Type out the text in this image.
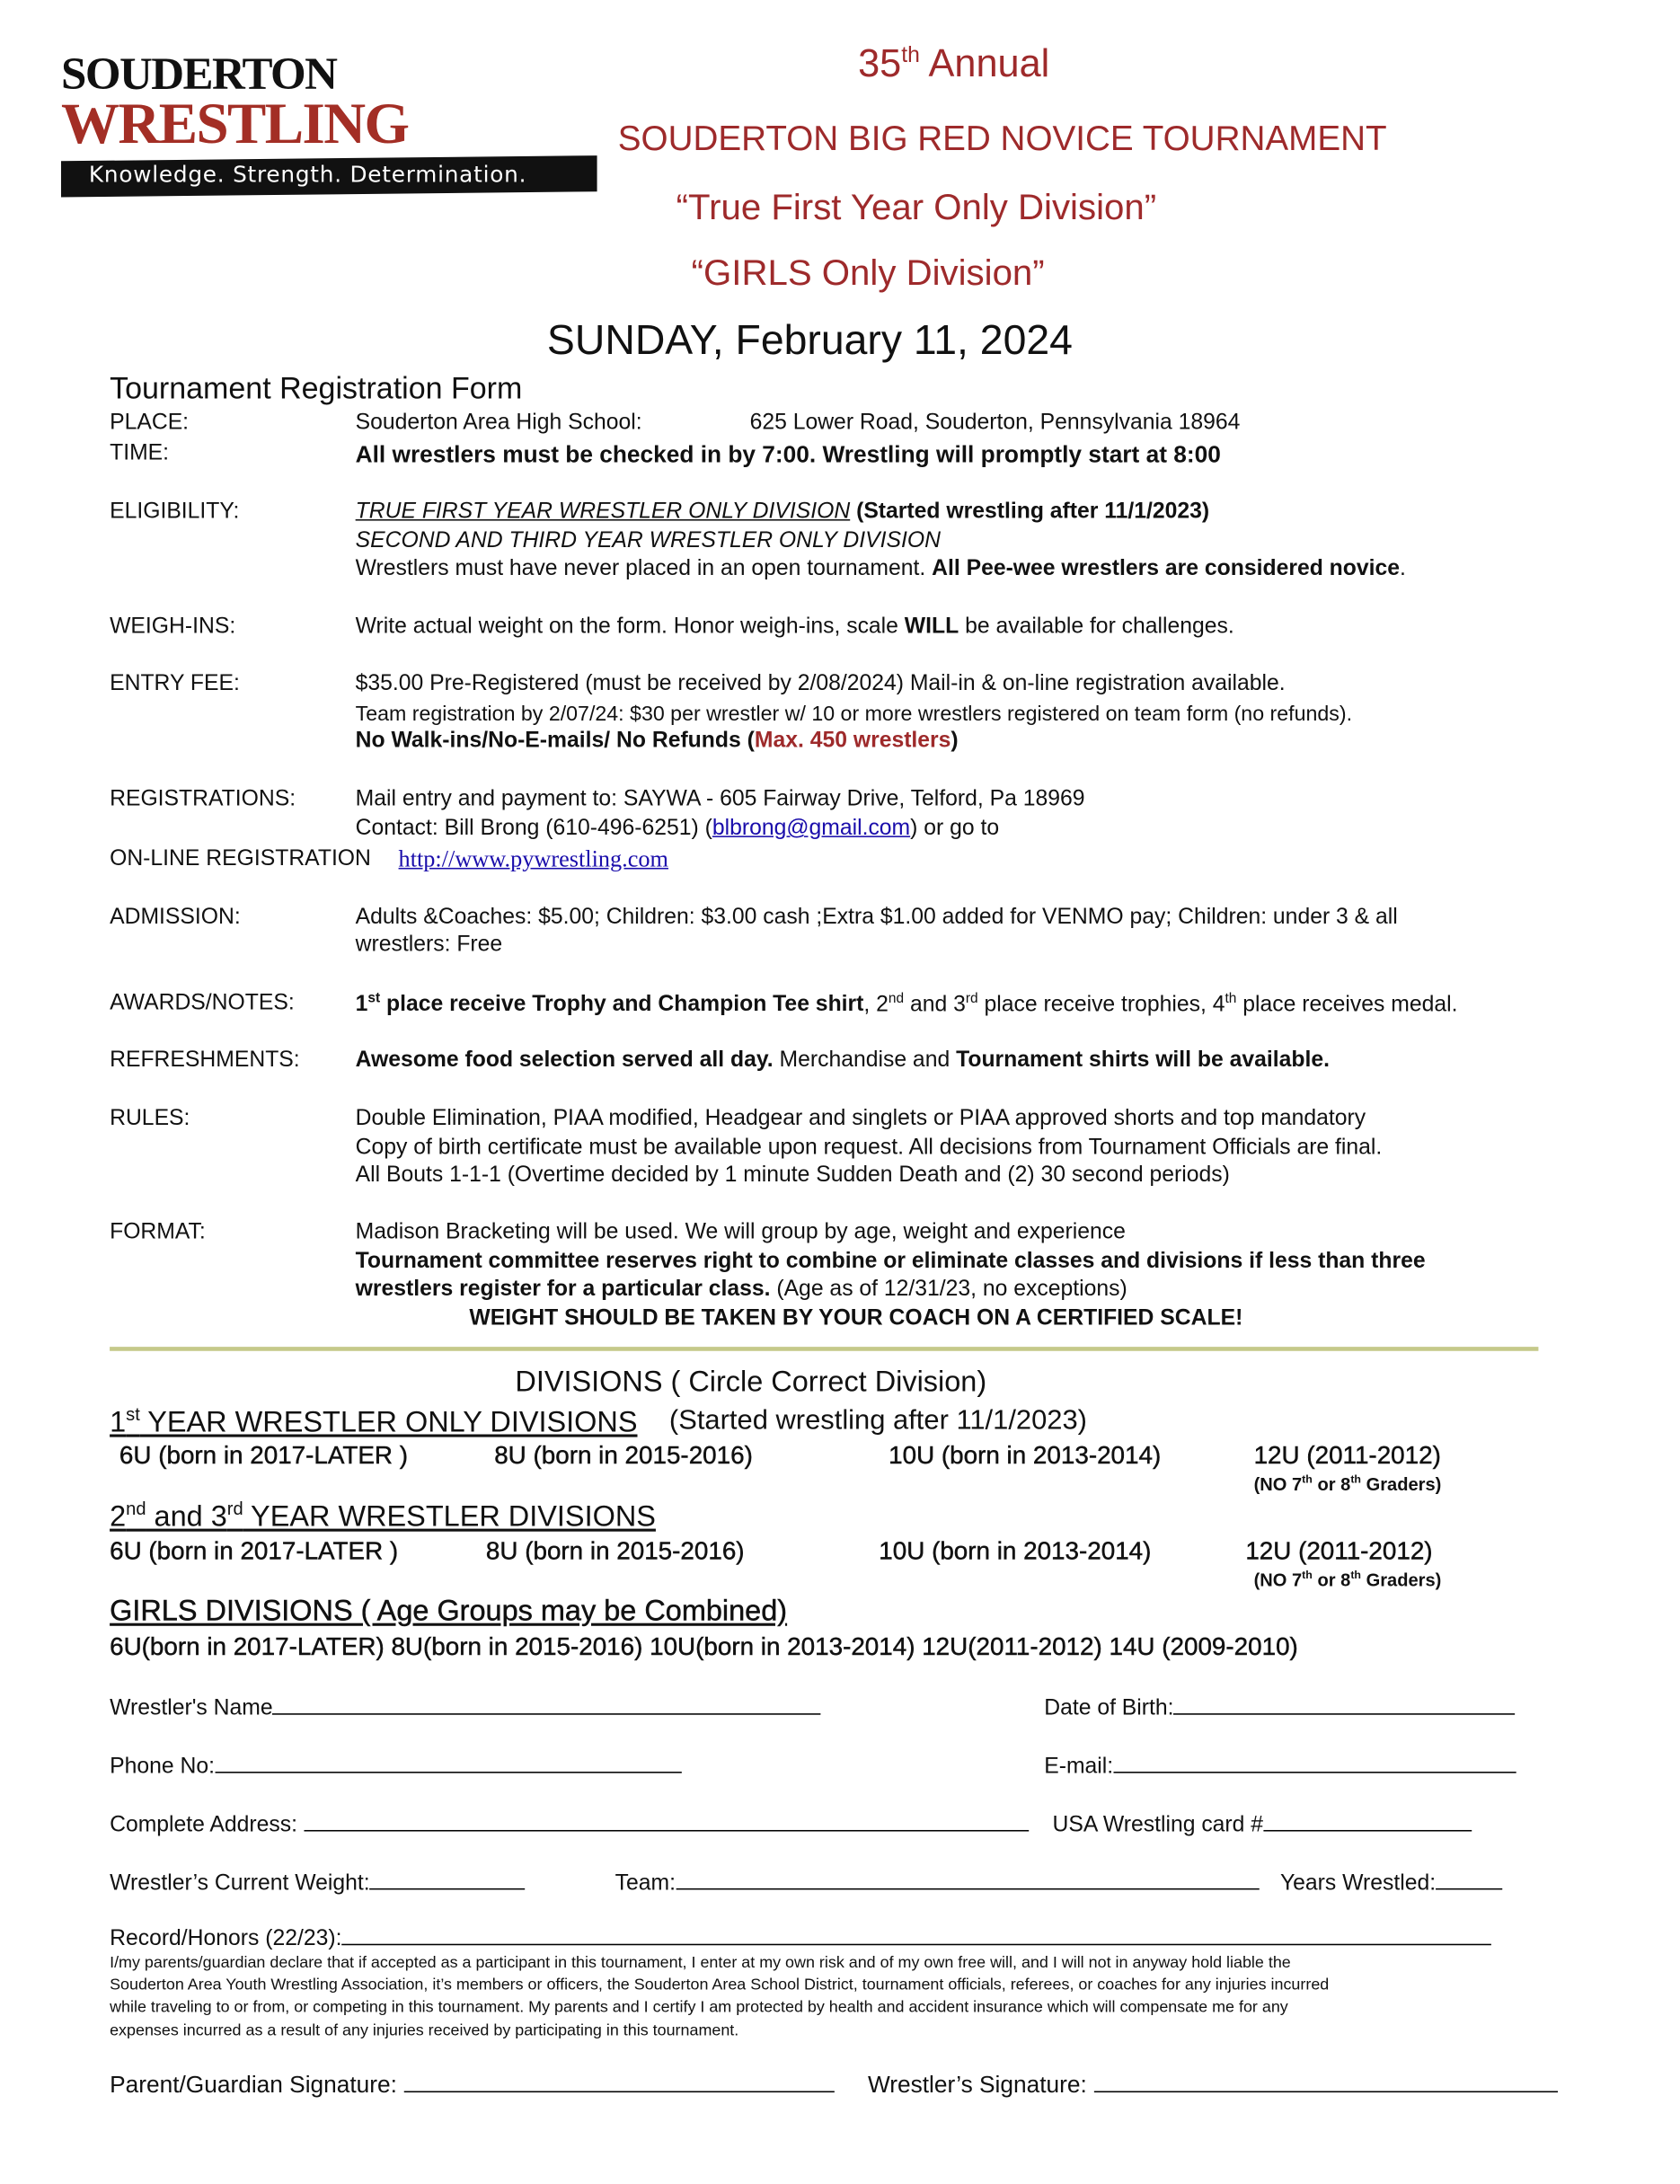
SOUDERTON
WRESTLING
Knowledge. Strength. Determination.
35th Annual
SOUDERTON BIG RED NOVICE TOURNAMENT
“True First Year Only Division”
“GIRLS Only Division”
SUNDAY, February 11, 2024
Tournament Registration Form
PLACE:	Souderton Area High School:	625 Lower Road, Souderton, Pennsylvania 18964
TIME:	All wrestlers must be checked in by 7:00. Wrestling will promptly start at 8:00
ELIGIBILITY:	TRUE FIRST YEAR WRESTLER ONLY DIVISION (Started wrestling after 11/1/2023)
SECOND AND THIRD YEAR WRESTLER ONLY DIVISION
Wrestlers must have never placed in an open tournament. All Pee-wee wrestlers are considered novice.
WEIGH-INS:	Write actual weight on the form. Honor weigh-ins, scale WILL be available for challenges.
ENTRY FEE:	$35.00 Pre-Registered (must be received by 2/08/2024) Mail-in & on-line registration available.
Team registration by 2/07/24: $30 per wrestler w/ 10 or more wrestlers registered on team form (no refunds).
No Walk-ins/No-E-mails/ No Refunds (Max. 450 wrestlers)
REGISTRATIONS:	Mail entry and payment to: SAYWA - 605 Fairway Drive, Telford, Pa 18969
Contact: Bill Brong (610-496-6251) (blbrong@gmail.com) or go to
ON-LINE REGISTRATION http://www.pywrestling.com
ADMISSION:	Adults &Coaches: $5.00; Children: $3.00 cash ;Extra $1.00 added for VENMO pay; Children: under 3 & all
wrestlers: Free
AWARDS/NOTES:	1st place receive Trophy and Champion Tee shirt, 2nd and 3rd place receive trophies, 4th place receives medal.
REFRESHMENTS:	Awesome food selection served all day. Merchandise and Tournament shirts will be available.
RULES:	Double Elimination, PIAA modified, Headgear and singlets or PIAA approved shorts and top mandatory
Copy of birth certificate must be available upon request. All decisions from Tournament Officials are final.
All Bouts 1-1-1 (Overtime decided by 1 minute Sudden Death and (2) 30 second periods)
FORMAT:	Madison Bracketing will be used. We will group by age, weight and experience
Tournament committee reserves right to combine or eliminate classes and divisions if less than three
wrestlers register for a particular class. (Age as of 12/31/23, no exceptions)
WEIGHT SHOULD BE TAKEN BY YOUR COACH ON A CERTIFIED SCALE!
DIVISIONS ( Circle Correct Division)
1st YEAR WRESTLER ONLY DIVISIONS (Started wrestling after 11/1/2023)
6U (born in 2017-LATER )	8U (born in 2015-2016)	10U (born in 2013-2014)	12U (2011-2012)
(NO 7th or 8th Graders)
2nd and 3rd YEAR WRESTLER DIVISIONS
6U (born in 2017-LATER )	8U (born in 2015-2016)	10U (born in 2013-2014)	12U (2011-2012)
(NO 7th or 8th Graders)
GIRLS DIVISIONS ( Age Groups may be Combined)
6U(born in 2017-LATER) 8U(born in 2015-2016) 10U(born in 2013-2014) 12U(2011-2012) 14U (2009-2010)
Wrestler's Name	Date of Birth:
Phone No:	E-mail:
Complete Address:	USA Wrestling card #
Wrestler’s Current Weight:	Team:	Years Wrestled:
Record/Honors (22/23):
I/my parents/guardian declare that if accepted as a participant in this tournament, I enter at my own risk and of my own free will, and I will not in anyway hold liable the
Souderton Area Youth Wrestling Association, it’s members or officers, the Souderton Area School District, tournament officials, referees, or coaches for any injuries incurred
while traveling to or from, or competing in this tournament. My parents and I certify I am protected by health and accident insurance which will compensate me for any
expenses incurred as a result of any injuries received by participating in this tournament.
Parent/Guardian Signature:	Wrestler’s Signature:
